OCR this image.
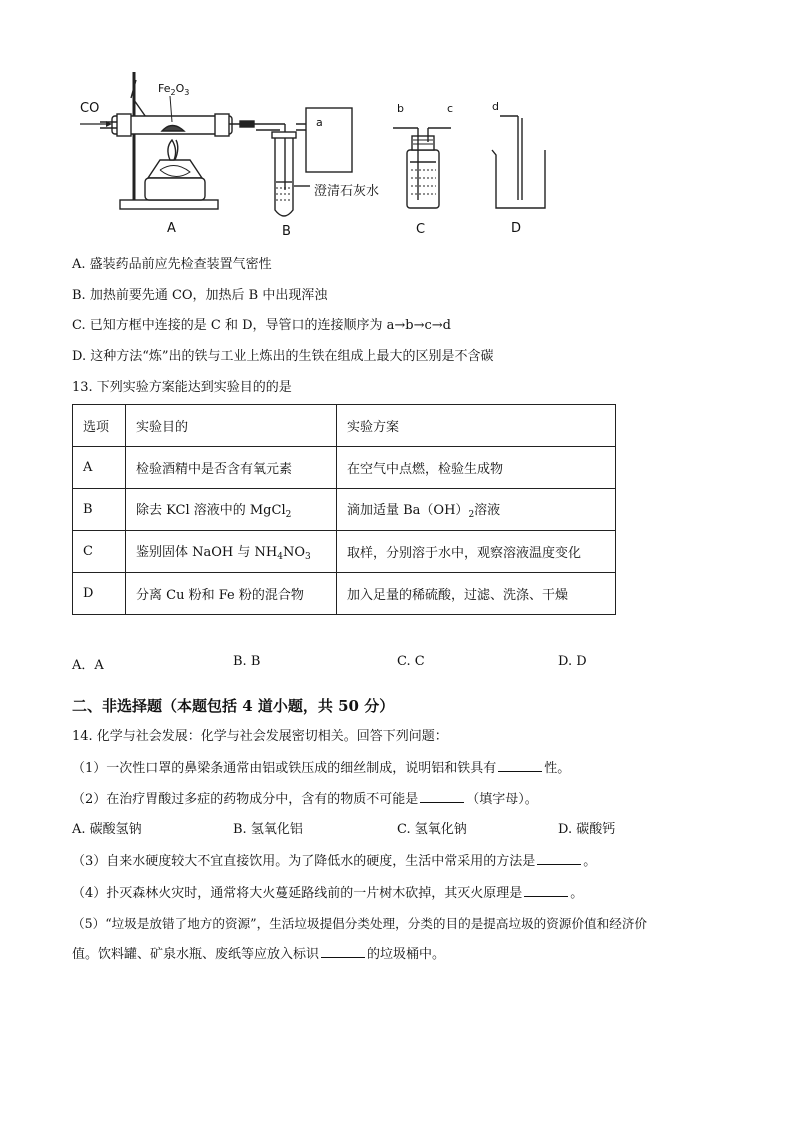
CO
$Fe_2O_3$
a
澄清石灰水
b	c	d
A	B	C	D
A. 盛装药品前应先检查装置气密性
B. 加热前要先通 CO，加热后 B 中出现浑浊
C. 已知方框中连接的是 C 和 D，导管口的连接顺序为 a→b→c→d
D. 这种方法“炼”出的铁与工业上炼出的生铁在组成上最大的区别是不含碳
13. 下列实验方案能达到实验目的的是
选项	实验目的	实验方案
A	检验酒精中是否含有氧元素	在空气中点燃，检验生成物
B	除去 KCl 溶液中的 MgCl$_2$	滴加适量 $Ba(OH)_2$溶液
C	鉴别固体 NaOH 与 $NH_4NO_3$	取样，分别溶于水中，观察溶液温度变化
D	分离 Cu 粉和 Fe 粉的混合物	加入足量的稀硫酸，过滤、洗涤、干燥
A．A	B. B	C. C	D. D
二、非选择题（本题包括 4 道小题，共 50 分）
14. 化学与社会发展：化学与社会发展密切相关。回答下列问题：
（1）一次性口罩的鼻梁条通常由铝或铁压成的细丝制成，说明铝和铁具有	性。
（2）在治疗胃酸过多症的药物成分中，含有的物质不可能是	（填字母）。
A. 碳酸氢钠	B. 氢氧化铝	C. 氢氧化钠	D. 碳酸钙
（3）自来水硬度较大不宜直接饮用。为了降低水的硬度，生活中常采用的方法是	。
（4）扑灭森林火灾时，通常将大火蔓延路线前的一片树木砍掉，其灭火原理是	。
（5）“垃圾是放错了地方的资源”，生活垃圾提倡分类处理，分类的目的是提高垃圾的资源价值和经济价
值。饮料罐、矿泉水瓶、废纸等应放入标识	的垃圾桶中。
